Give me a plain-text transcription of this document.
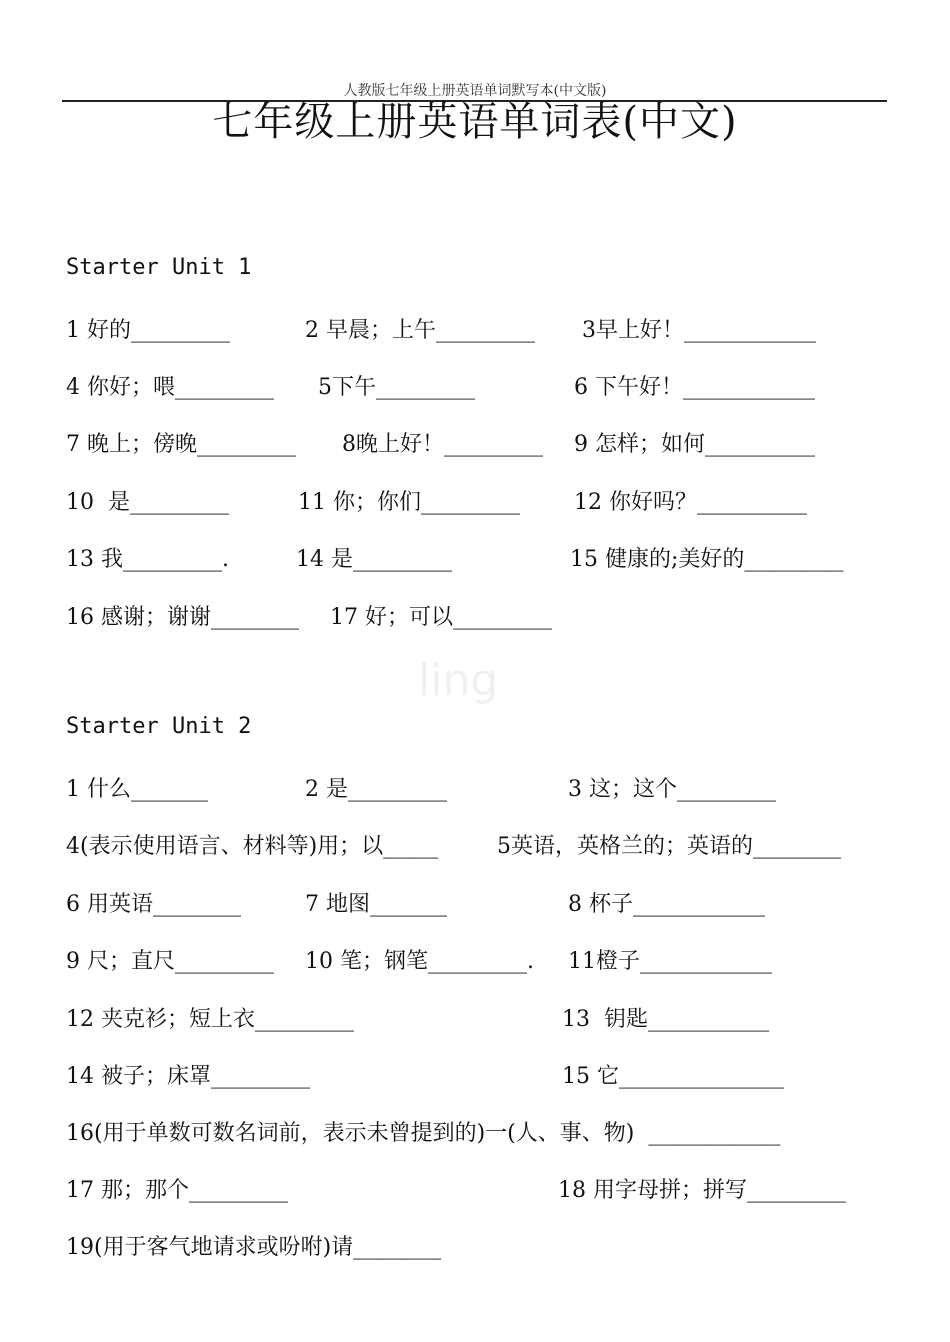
人教版七年级上册英语单词默写本(中文版)
七年级上册英语单词表(中文)
ling
Starter Unit 1
1 好的_________	2 早晨；上午_________ 3早上好！____________
4 你好；喂_________ 5下午_________	6 下午好！____________
7 晚上；傍晚_________ 8晚上好！_________ 9 怎样；如何__________
10  是_________	11 你；你们_________ 12 你好吗？__________
13 我_________.	14 是_________	15 健康的;美好的_________
16 感谢；谢谢________ 17 好；可以_________
Starter Unit 2
1 什么_______	2 是_________	3 这；这个_________
4(表示使用语言、材料等)用；以_____	5英语，英格兰的；英语的________
6 用英语________	7 地图_______	8 杯子____________
9 尺；直尺_________ 10 笔；钢笔_________. 11橙子____________
12 夹克衫；短上衣_________	13  钥匙___________
14 被子；床罩_________	15 它_______________
16(用于单数可数名词前，表示未曾提到的)一(人、事、物)  ____________
17 那；那个_________	18 用字母拼；拼写_________
19(用于客气地请求或吩咐)请________
